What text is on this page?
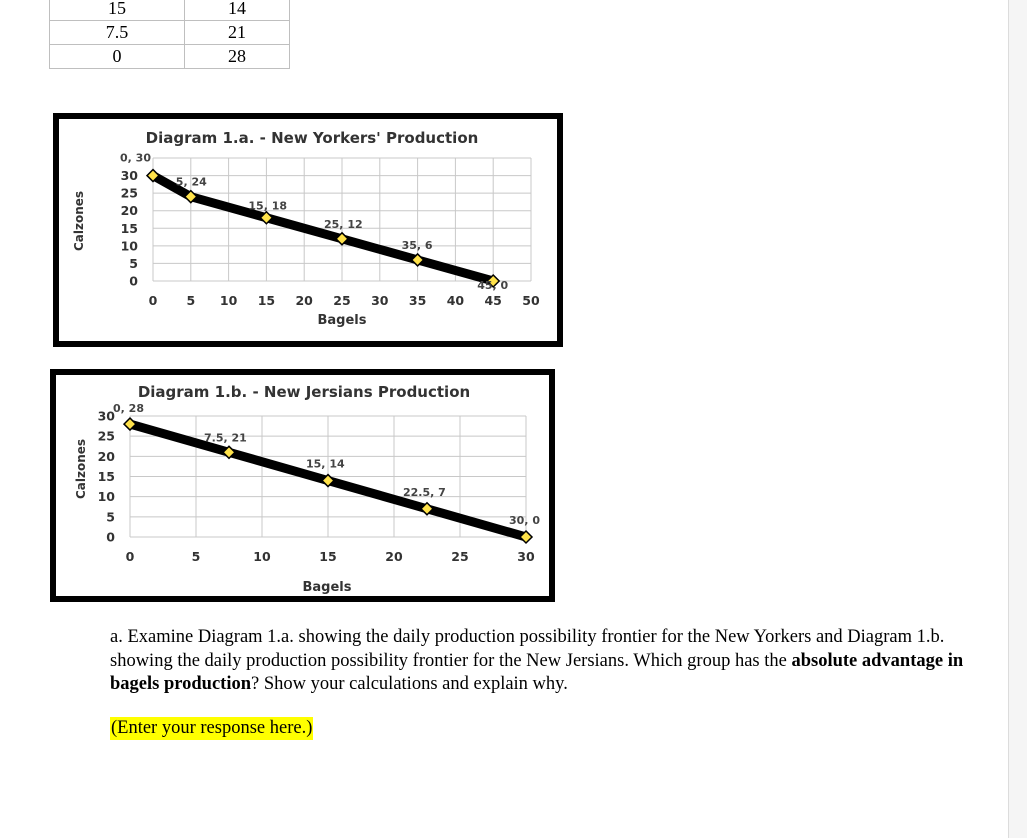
15	14
7.5	21
0	28
Diagram 1.a. - New Yorkers' Production
0 5 10 15 20 25 30 35 40 45 50
0
5
10
15
20
25
30
Bagels
Calzones
0, 30
5, 24
15, 18
25, 12
35, 6
45, 0
Diagram 1.b. - New Jersians Production
0	5	10	15	20	25	30
0
5
10
15
20
25
30
Bagels
Calzones
0, 28
7.5, 21
15, 14
22.5, 7
30, 0
a. Examine Diagram 1.a. showing the daily production possibility frontier for the New Yorkers and Diagram 1.b. showing the daily production possibility frontier for the New Jersians. Which group has the absolute advantage in bagels production? Show your calculations and explain why.
(Enter your response here.)
